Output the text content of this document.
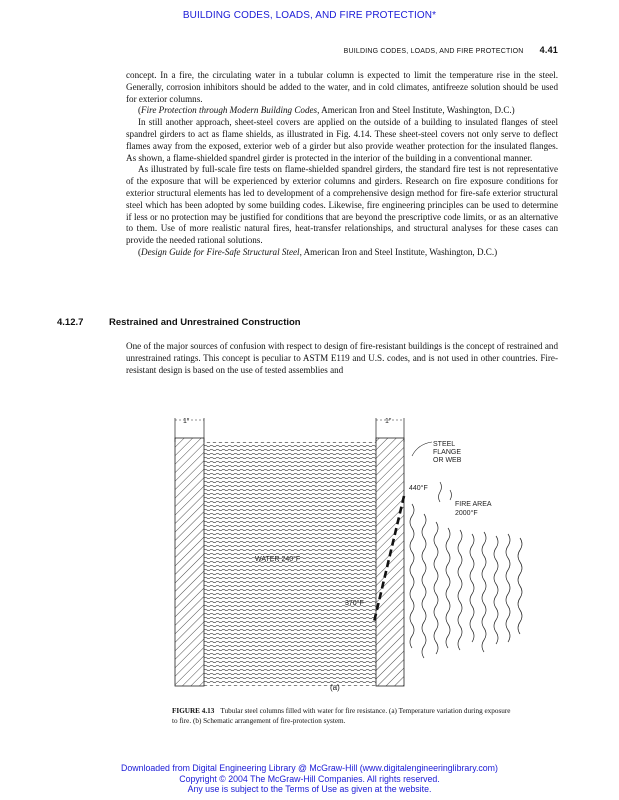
BUILDING CODES, LOADS, AND FIRE PROTECTION*
BUILDING CODES, LOADS, AND FIRE PROTECTION 4.41

concept. In a fire, the circulating water in a tubular column is expected to limit the temperature rise in the steel. Generally, corrosion inhibitors should be added to the water, and in cold climates, antifreeze solution should be used for exterior columns.

(Fire Protection through Modern Building Codes, American Iron and Steel Institute, Washington, D.C.)

In still another approach, sheet-steel covers are applied on the outside of a building to insulated flanges of steel spandrel girders to act as flame shields, as illustrated in Fig. 4.14. These sheet-steel covers not only serve to deflect flames away from the exposed, exterior web of a girder but also provide weather protection for the insulated flanges. As shown, a flame-shielded spandrel girder is protected in the interior of the building in a conventional manner.

As illustrated by full-scale fire tests on flame-shielded spandrel girders, the standard fire test is not representative of the exposure that will be experienced by exterior columns and girders. Research on fire exposure conditions for exterior structural elements has led to development of a comprehensive design method for fire-safe exterior structural steel which has been adopted by some building codes. Likewise, fire engineering principles can be used to determine if less or no protection may be justified for conditions that are beyond the prescriptive code limits, or as an alternative to them. Use of more realistic natural fires, heat-transfer relationships, and structural analyses for these cases can provide the needed rational solutions.

(Design Guide for Fire-Safe Structural Steel, American Iron and Steel Institute, Washington, D.C.)

4.12.7	Restrained and Unrestrained Construction

One of the major sources of confusion with respect to design of fire-resistant buildings is the concept of restrained and unrestrained ratings. This concept is peculiar to ASTM E119 and U.S. codes, and is not used in other countries. Fire-resistant design is based on the use of tested assemblies and

1"	1"
STEEL
FLANGE
OR WEB
440°F
FIRE AREA
2000°F
WATER 240°F
370°F
(a)
FIGURE 4.13 Tubular steel columns filled with water for fire resistance. (a) Temperature variation during exposure to fire. (b) Schematic arrangement of fire-protection system.
Downloaded from Digital Engineering Library @ McGraw-Hill (www.digitalengineeringlibrary.com)
Copyright © 2004 The McGraw-Hill Companies. All rights reserved.
Any use is subject to the Terms of Use as given at the website.
